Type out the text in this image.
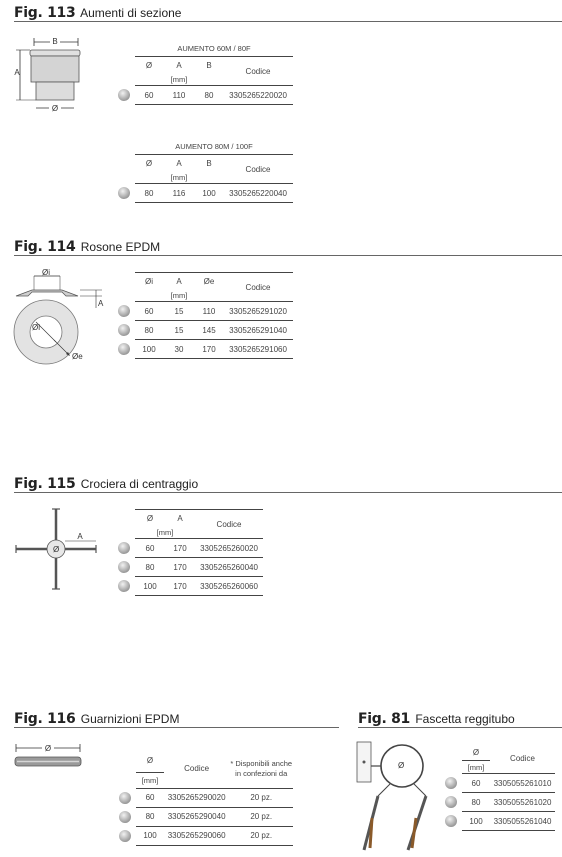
Fig. 113 Aumenti di sezione
B
A
Ø
	AUMENTO 60M / 80F			
	Ø	A	B	Codice
	[mm]			
	60	110	80	3305265220020
	AUMENTO 80M / 100F			
	Ø	A	B	Codice
	[mm]			
	80	116	100	3305265220040
Fig. 114 Rosone EPDM
Øi
A
Øi
Øe
	Øi	A	Øe	Codice
	[mm]			
	60	15	110	3305265291020
	80	15	145	3305265291040
	100	30	170	3305265291060
Fig. 115 Crociera di centraggio
Ø
A
	Ø	A	Codice
	[mm]		
	60	170	3305265260020
	80	170	3305265260040
	100	170	3305265260060
Fig. 116 Guarnizioni EPDM
Ø
	Ø	Codice	* Disponibili anche in confezioni da
	[mm]		
	60	3305265290020	20 pz.
	80	3305265290040	20 pz.
	100	3305265290060	20 pz.
Fig. 81 Fascetta reggitubo
Ø
	Ø	Codice
	[mm]	
	60	3305055261010
	80	3305055261020
	100	3305055261040
